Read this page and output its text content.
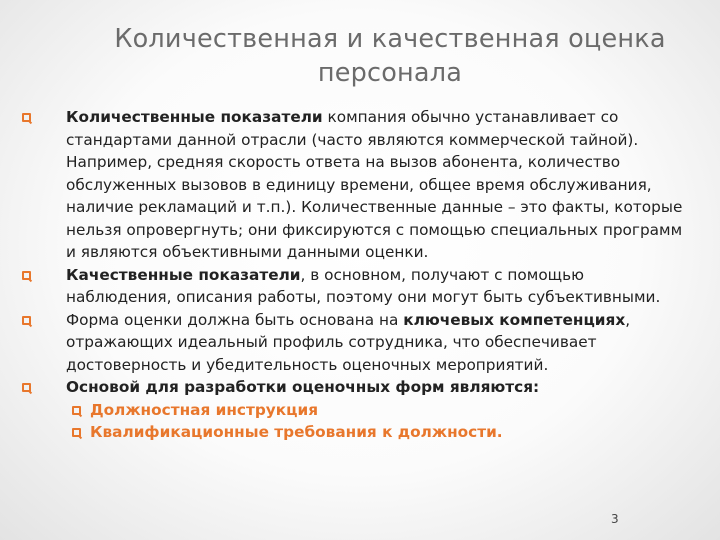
Количественная и качественная оценка
персонала
Количественные показатели компания обычно устанавливает со стандартами данной отрасли (часто являются коммерческой тайной). Например, средняя скорость ответа на вызов абонента, количество обслуженных вызовов в единицу времени, общее время обслуживания, наличие рекламаций и т.п.). Количественные данные – это факты, которые нельзя опровергнуть; они фиксируются с помощью специальных программ и являются объективными данными оценки.
Качественные показатели, в основном, получают с помощью наблюдения, описания работы, поэтому они могут быть субъективными.
Форма оценки должна быть основана на ключевых компетенциях, отражающих идеальный профиль сотрудника, что обеспечивает достоверность и убедительность оценочных мероприятий.
Основой для разработки оценочных форм являются:
Должностная инструкция
Квалификационные требования к должности.
3
